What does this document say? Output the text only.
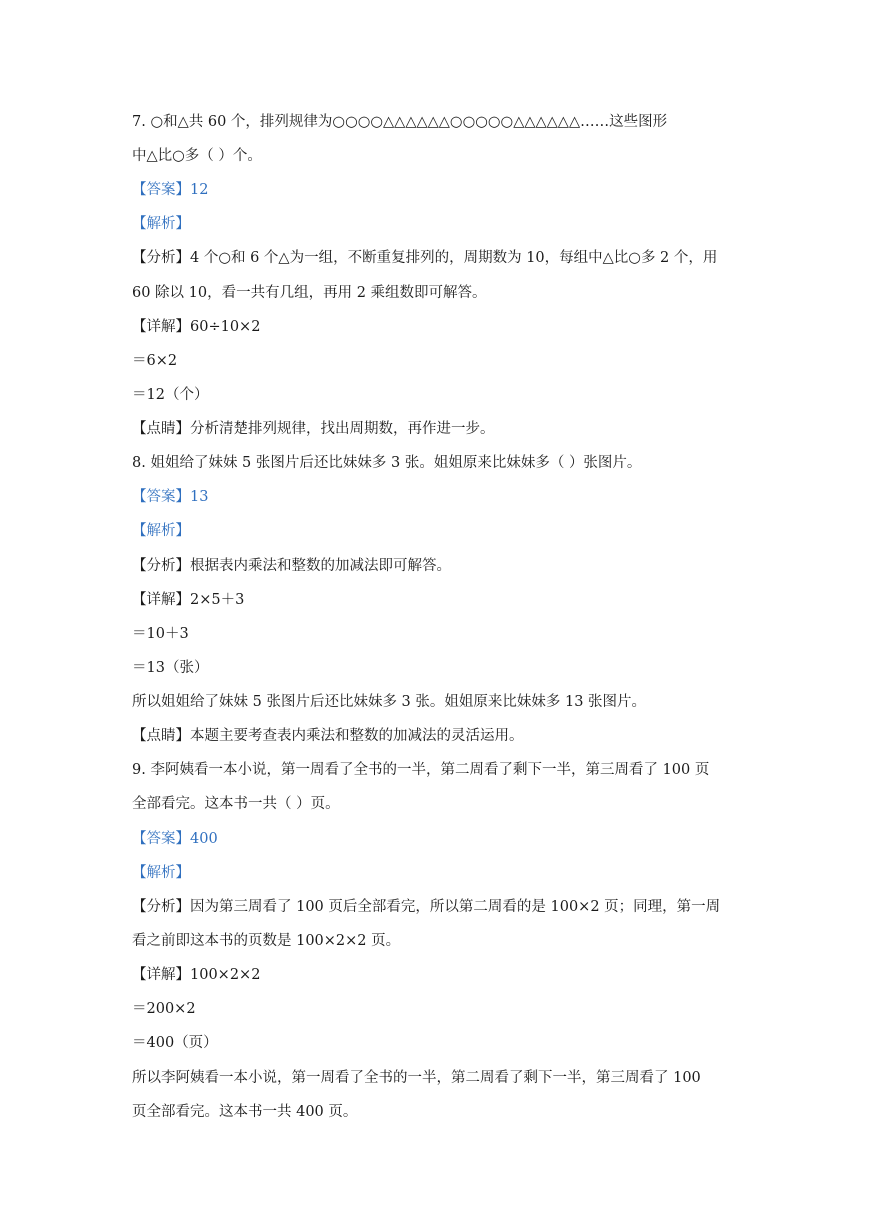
7. ○和△共 60 个，排列规律为○○○○△△△△△△○○○○○△△△△△△……这些图形
中△比○多（ ）个。
【答案】12
【解析】
【分析】4 个○和 6 个△为一组，不断重复排列的，周期数为 10，每组中△比○多 2 个，用
60 除以 10，看一共有几组，再用 2 乘组数即可解答。
【详解】60÷10×2
＝6×2
＝12（个）
【点睛】分析清楚排列规律，找出周期数，再作进一步。
8. 姐姐给了妹妹 5 张图片后还比妹妹多 3 张。姐姐原来比妹妹多（ ）张图片。
【答案】13
【解析】
【分析】根据表内乘法和整数的加减法即可解答。
【详解】2×5＋3
＝10＋3
＝13（张）
所以姐姐给了妹妹 5 张图片后还比妹妹多 3 张。姐姐原来比妹妹多 13 张图片。
【点睛】本题主要考查表内乘法和整数的加减法的灵活运用。
9. 李阿姨看一本小说，第一周看了全书的一半，第二周看了剩下一半，第三周看了 100 页
全部看完。这本书一共（ ）页。
【答案】400
【解析】
【分析】因为第三周看了 100 页后全部看完，所以第二周看的是 100×2 页；同理，第一周
看之前即这本书的页数是 100×2×2 页。
【详解】100×2×2
＝200×2
＝400（页）
所以李阿姨看一本小说，第一周看了全书的一半，第二周看了剩下一半，第三周看了 100
页全部看完。这本书一共 400 页。
